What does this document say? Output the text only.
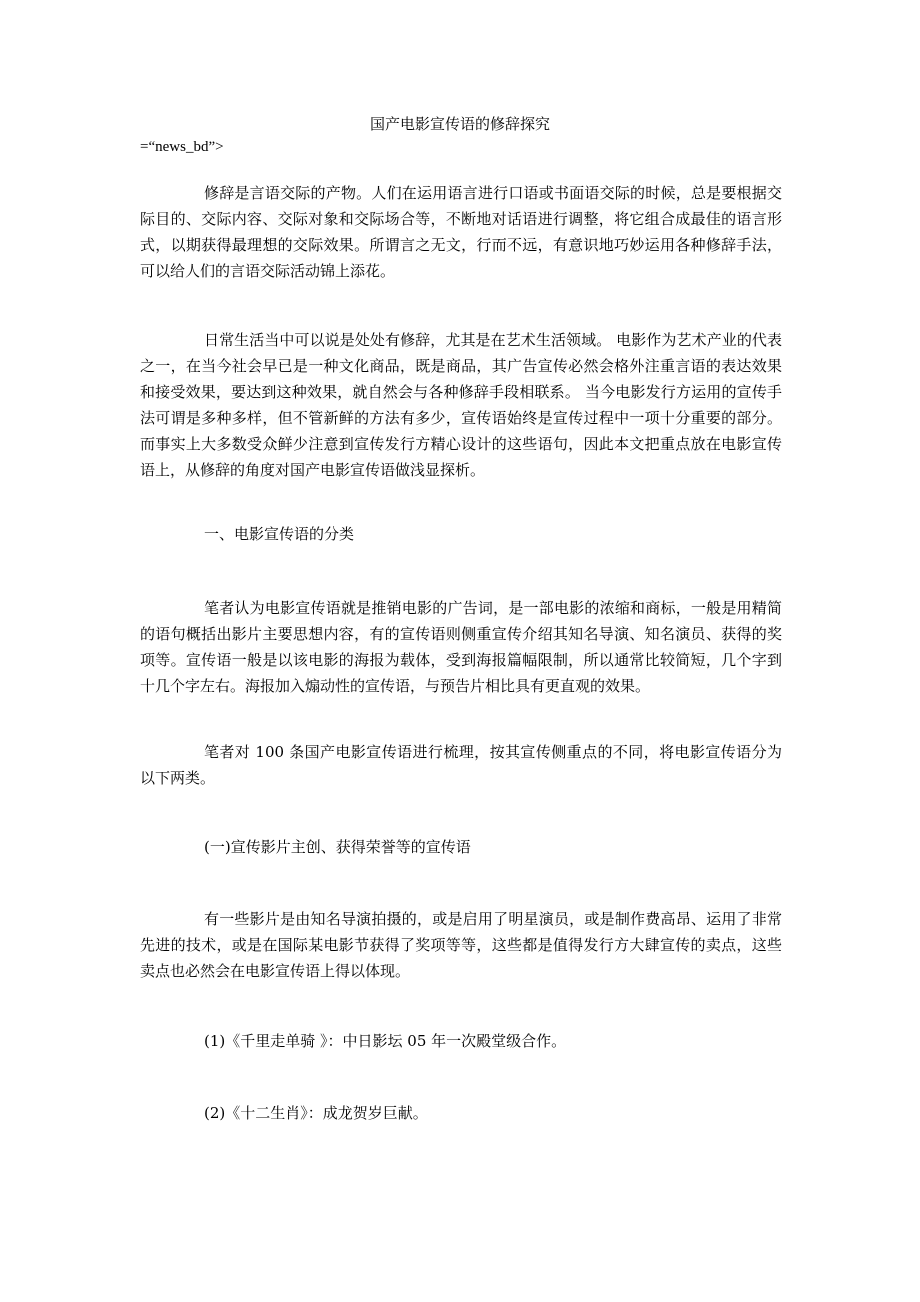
国产电影宣传语的修辞探究
=“news_bd”>

修辞是言语交际的产物。人们在运用语言进行口语或书面语交际的时候，总是要根据交际目的、交际内容、交际对象和交际场合等，不断地对话语进行调整，将它组合成最佳的语言形式，以期获得最理想的交际效果。所谓言之无文，行而不远，有意识地巧妙运用各种修辞手法，可以给人们的言语交际活动锦上添花。

日常生活当中可以说是处处有修辞，尤其是在艺术生活领域。 电影作为艺术产业的代表之一，在当今社会早已是一种文化商品，既是商品，其广告宣传必然会格外注重言语的表达效果和接受效果，要达到这种效果，就自然会与各种修辞手段相联系。 当今电影发行方运用的宣传手法可谓是多种多样，但不管新鲜的方法有多少，宣传语始终是宣传过程中一项十分重要的部分。而事实上大多数受众鲜少注意到宣传发行方精心设计的这些语句，因此本文把重点放在电影宣传语上，从修辞的角度对国产电影宣传语做浅显探析。

一、电影宣传语的分类

笔者认为电影宣传语就是推销电影的广告词，是一部电影的浓缩和商标，一般是用精简的语句概括出影片主要思想内容，有的宣传语则侧重宣传介绍其知名导演、知名演员、获得的奖项等。宣传语一般是以该电影的海报为载体，受到海报篇幅限制，所以通常比较简短，几个字到十几个字左右。海报加入煽动性的宣传语，与预告片相比具有更直观的效果。

笔者对 100 条国产电影宣传语进行梳理，按其宣传侧重点的不同，将电影宣传语分为以下两类。

(一)宣传影片主创、获得荣誉等的宣传语

有一些影片是由知名导演拍摄的，或是启用了明星演员，或是制作费高昂、运用了非常先进的技术，或是在国际某电影节获得了奖项等等，这些都是值得发行方大肆宣传的卖点，这些卖点也必然会在电影宣传语上得以体现。

(1)《千里走单骑 》：中日影坛 05 年一次殿堂级合作。

(2)《十二生肖》：成龙贺岁巨献。
